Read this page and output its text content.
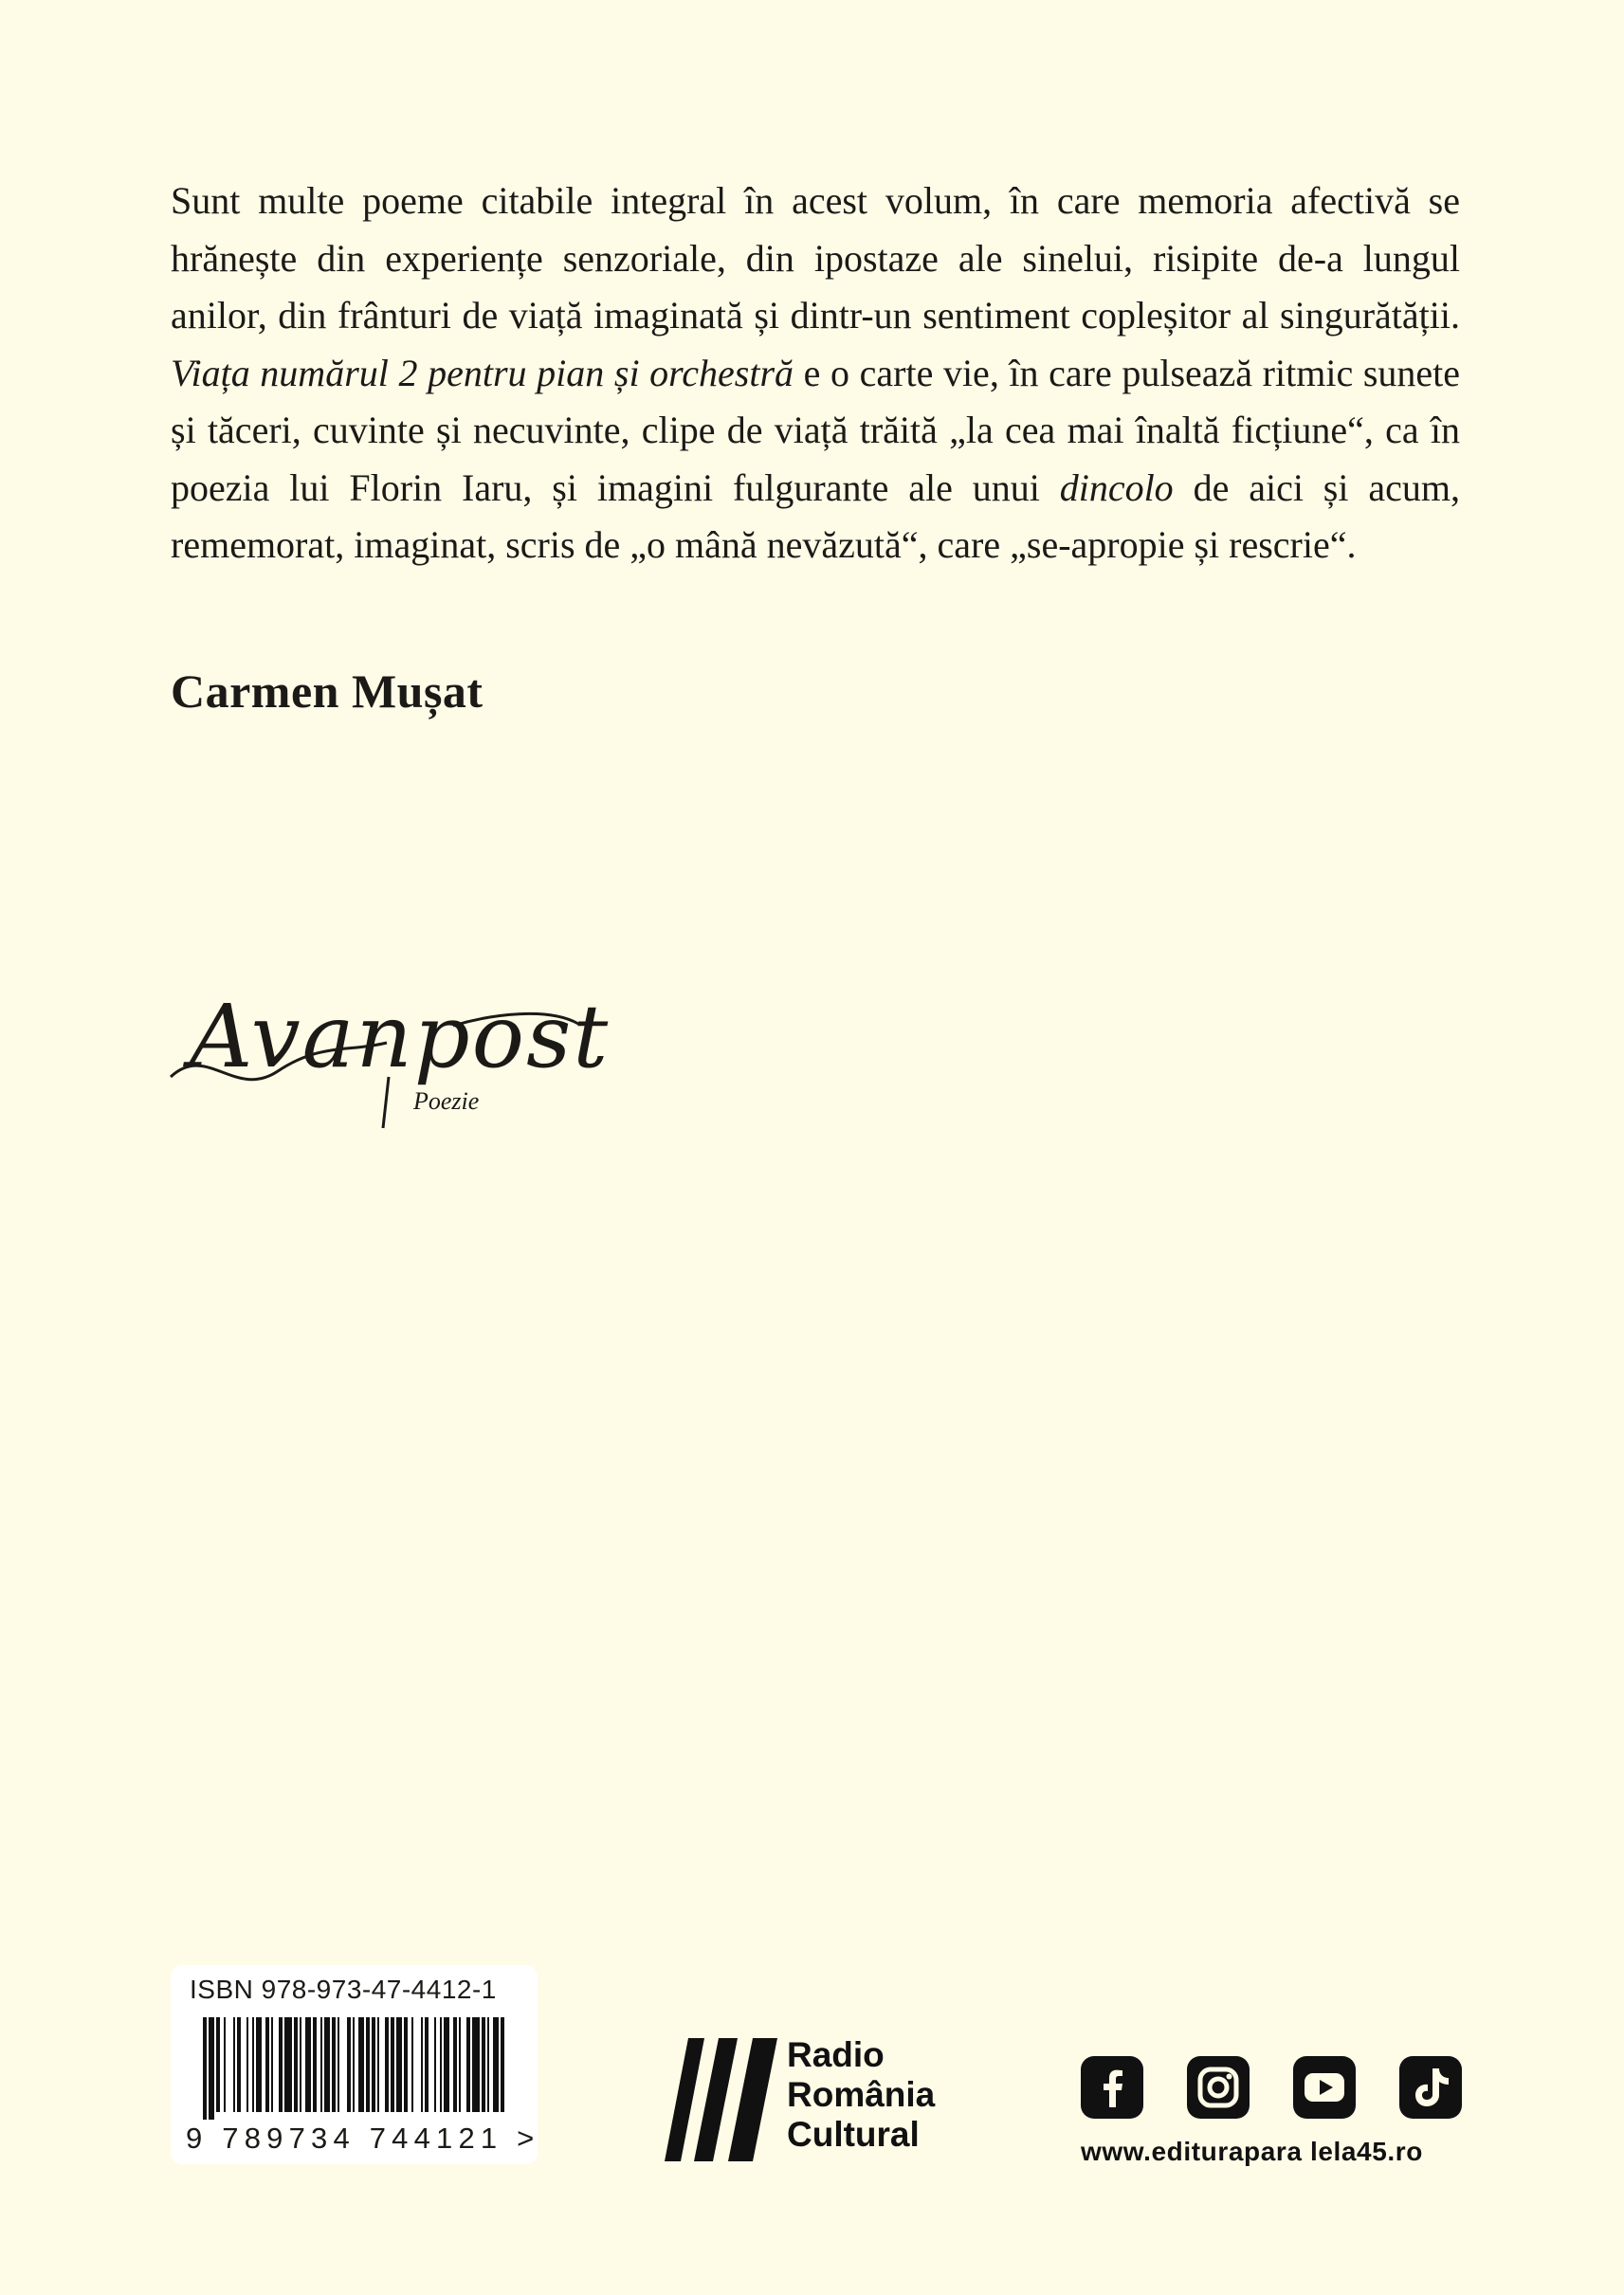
Sunt multe poeme citabile integral în acest volum, în care memoria afectivă se hrănește din experiențe senzoriale, din ipostaze ale sinelui, risipite de-a lungul anilor, din frânturi de viață imaginată și dintr-un sentiment copleșitor al singurătății. Viața numărul 2 pentru pian și orchestră e o carte vie, în care pulsează ritmic sunete și tăceri, cuvinte și necuvinte, clipe de viață trăită „la cea mai înaltă ficțiune“, ca în poezia lui Florin Iaru, și imagini fulgurante ale unui dincolo de aici și acum, rememorat, imaginat, scris de „o mână nevăzută“, care „se-apropie și rescrie“.
Carmen Mușat
Avanpost
Poezie
ISBN 978-973-47-4412-1
9 789734 744121 >
Radio
România
Cultural	www.editurapara lela45.ro
